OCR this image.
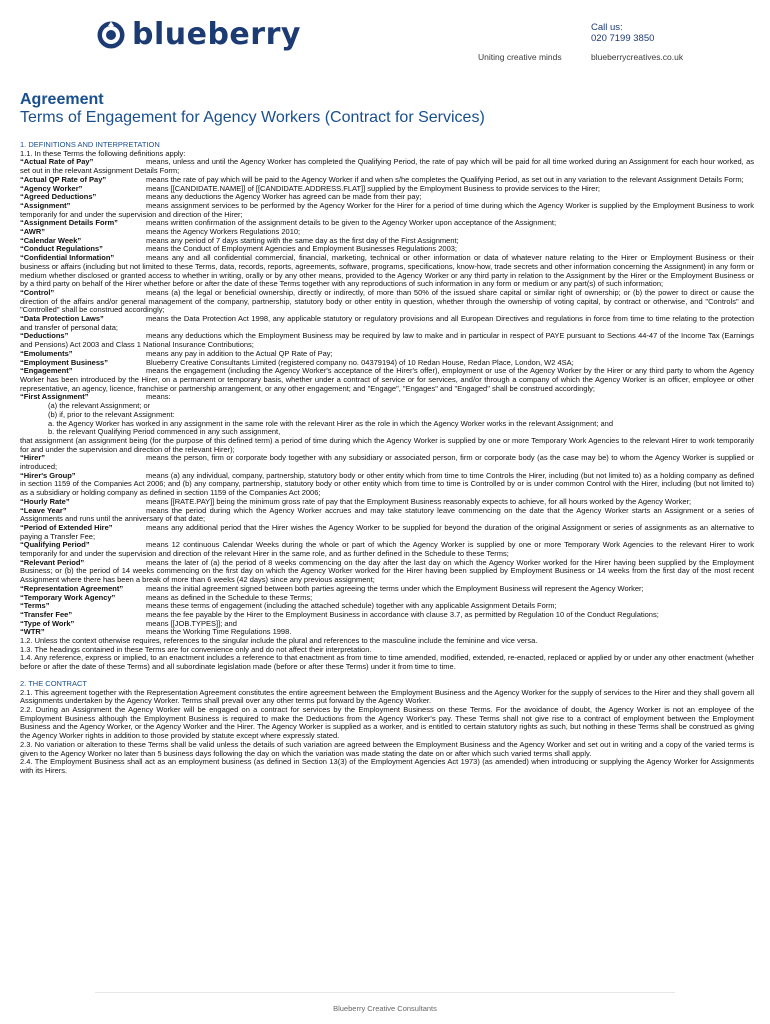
blueberry
Uniting creative minds
Call us:
020 7199 3850
blueberrycreatives.co.uk
Agreement
Terms of Engagement for Agency Workers (Contract for Services)

1. DEFINITIONS AND INTERPRETATION

1.1. In these Terms the following definitions apply:

“Actual Rate of Pay”	means, unless and until the Agency Worker has completed the Qualifying Period, the rate of pay which will be paid for all time worked during an Assignment for each hour worked, as set out in the relevant Assignment Details Form;

“Actual QP Rate of Pay”	means the rate of pay which will be paid to the Agency Worker if and when s/he completes the Qualifying Period, as set out in any variation to the relevant Assignment Details Form;

“Agency Worker”	means [[CANDIDATE.NAME]] of [[CANDIDATE.ADDRESS.FLAT]] supplied by the Employment Business to provide services to the Hirer;

“Agreed Deductions”	means any deductions the Agency Worker has agreed can be made from their pay;

“Assignment”	means assignment services to be performed by the Agency Worker for the Hirer for a period of time during which the Agency Worker is supplied by the Employment Business to work temporarily for and under the supervision and direction of the Hirer;

“Assignment Details Form”	means written confirmation of the assignment details to be given to the Agency Worker upon acceptance of the Assignment;

“AWR”	means the Agency Workers Regulations 2010;

“Calendar Week”	means any period of 7 days starting with the same day as the first day of the First Assignment;

“Conduct Regulations”	means the Conduct of Employment Agencies and Employment Businesses Regulations 2003;

“Confidential Information”	means any and all confidential commercial, financial, marketing, technical or other information or data of whatever nature relating to the Hirer or Employment Business or their business or affairs (including but not limited to these Terms, data, records, reports, agreements, software, programs, specifications, know-how, trade secrets and other information concerning the Assignment) in any form or medium whether disclosed or granted access to whether in writing, orally or by any other means, provided to the Agency Worker or any third party in relation to the Assignment by the Hirer or the Employment Business or by a third party on behalf of the Hirer whether before or after the date of these Terms together with any reproductions of such information in any form or medium or any part(s) of such information;

“Control”	means (a) the legal or beneficial ownership, directly or indirectly, of more than 50% of the issued share capital or similar right of ownership; or (b) the power to direct or cause the direction of the affairs and/or general management of the company, partnership, statutory body or other entity in question, whether through the ownership of voting capital, by contract or otherwise, and "Controls" and "Controlled" shall be construed accordingly;

“Data Protection Laws”	means the Data Protection Act 1998, any applicable statutory or regulatory provisions and all European Directives and regulations in force from time to time relating to the protection and transfer of personal data;

“Deductions”	means any deductions which the Employment Business may be required by law to make and in particular in respect of PAYE pursuant to Sections 44-47 of the Income Tax (Earnings and Pensions) Act 2003 and Class 1 National Insurance Contributions;

“Emoluments”	means any pay in addition to the Actual QP Rate of Pay;

“Employment Business”	Blueberry Creative Consultants Limited (registered company no. 04379194) of 10 Redan House, Redan Place, London, W2 4SA;

“Engagement”	means the engagement (including the Agency Worker's acceptance of the Hirer's offer), employment or use of the Agency Worker by the Hirer or any third party to whom the Agency Worker has been introduced by the Hirer, on a permanent or temporary basis, whether under a contract of service or for services, and/or through a company of which the Agency Worker is an officer, employee or other representative, an agency, licence, franchise or partnership arrangement, or any other engagement; and "Engage", "Engages" and "Engaged" shall be construed accordingly;

“First Assignment”	means:

(a) the relevant Assignment; or

(b) if, prior to the relevant Assignment:

a. the Agency Worker has worked in any assignment in the same role with the relevant Hirer as the role in which the Agency Worker works in the relevant Assignment; and

b. the relevant Qualifying Period commenced in any such assignment,

that assignment (an assignment being (for the purpose of this defined term) a period of time during which the Agency Worker is supplied by one or more Temporary Work Agencies to the relevant Hirer to work temporarily for and under the supervision and direction of the relevant Hirer);

“Hirer”	means the person, firm or corporate body together with any subsidiary or associated person, firm or corporate body (as the case may be) to whom the Agency Worker is supplied or introduced;

“Hirer's Group”	means (a) any individual, company, partnership, statutory body or other entity which from time to time Controls the Hirer, including (but not limited to) as a holding company as defined in section 1159 of the Companies Act 2006; and (b) any company, partnership, statutory body or other entity which from time to time is Controlled by or is under common Control with the Hirer, including (but not limited to) as a subsidiary or holding company as defined in section 1159 of the Companies Act 2006;

“Hourly Rate”	means [[RATE.PAY]] being the minimum gross rate of pay that the Employment Business reasonably expects to achieve, for all hours worked by the Agency Worker;

“Leave Year”	means the period during which the Agency Worker accrues and may take statutory leave commencing on the date that the Agency Worker starts an Assignment or a series of Assignments and runs until the anniversary of that date;

“Period of Extended Hire”	means any additional period that the Hirer wishes the Agency Worker to be supplied for beyond the duration of the original Assignment or series of assignments as an alternative to paying a Transfer Fee;

“Qualifying Period”	means 12 continuous Calendar Weeks during the whole or part of which the Agency Worker is supplied by one or more Temporary Work Agencies to the relevant Hirer to work temporarily for and under the supervision and direction of the relevant Hirer in the same role, and as further defined in the Schedule to these Terms;

“Relevant Period”	means the later of (a) the period of 8 weeks commencing on the day after the last day on which the Agency Worker worked for the Hirer having been supplied by the Employment Business; or (b) the period of 14 weeks commencing on the first day on which the Agency Worker worked for the Hirer having been supplied by Employment Business or 14 weeks from the first day of the most recent Assignment where there has been a break of more than 6 weeks (42 days) since any previous assignment;

“Representation Agreement”	means the initial agreement signed between both parties agreeing the terms under which the Employment Business will represent the Agency Worker;

“Temporary Work Agency”	means as defined in the Schedule to these Terms;

“Terms”	means these terms of engagement (including the attached schedule) together with any applicable Assignment Details Form;

“Transfer Fee”	means the fee payable by the Hirer to the Employment Business in accordance with clause 3.7, as permitted by Regulation 10 of the Conduct Regulations;

“Type of Work”	means [[JOB.TYPES]]; and

“WTR”	means the Working Time Regulations 1998.

1.2. Unless the context otherwise requires, references to the singular include the plural and references to the masculine include the feminine and vice versa.

1.3. The headings contained in these Terms are for convenience only and do not affect their interpretation.

1.4. Any reference, express or implied, to an enactment includes a reference to that enactment as from time to time amended, modified, extended, re-enacted, replaced or applied by or under any other enactment (whether before or after the date of these Terms) and all subordinate legislation made (before or after these Terms) under it from time to time.

2. THE CONTRACT

2.1. This agreement together with the Representation Agreement constitutes the entire agreement between the Employment Business and the Agency Worker for the supply of services to the Hirer and they shall govern all Assignments undertaken by the Agency Worker. Terms shall prevail over any other terms put forward by the Agency Worker.

2.2. During an Assignment the Agency Worker will be engaged on a contract for services by the Employment Business on these Terms. For the avoidance of doubt, the Agency Worker is not an employee of the Employment Business although the Employment Business is required to make the Deductions from the Agency Worker's pay. These Terms shall not give rise to a contract of employment between the Employment Business and the Agency Worker, or the Agency Worker and the Hirer. The Agency Worker is supplied as a worker, and is entitled to certain statutory rights as such, but nothing in these Terms shall be construed as giving the Agency Worker rights in addition to those provided by statute except where expressly stated.

2.3. No variation or alteration to these Terms shall be valid unless the details of such variation are agreed between the Employment Business and the Agency Worker and set out in writing and a copy of the varied terms is given to the Agency Worker no later than 5 business days following the day on which the variation was made stating the date on or after which such varied terms shall apply.

2.4. The Employment Business shall act as an employment business (as defined in Section 13(3) of the Employment Agencies Act 1973) (as amended) when introducing or supplying the Agency Worker for Assignments with its Hirers.

Blueberry Creative Consultants
